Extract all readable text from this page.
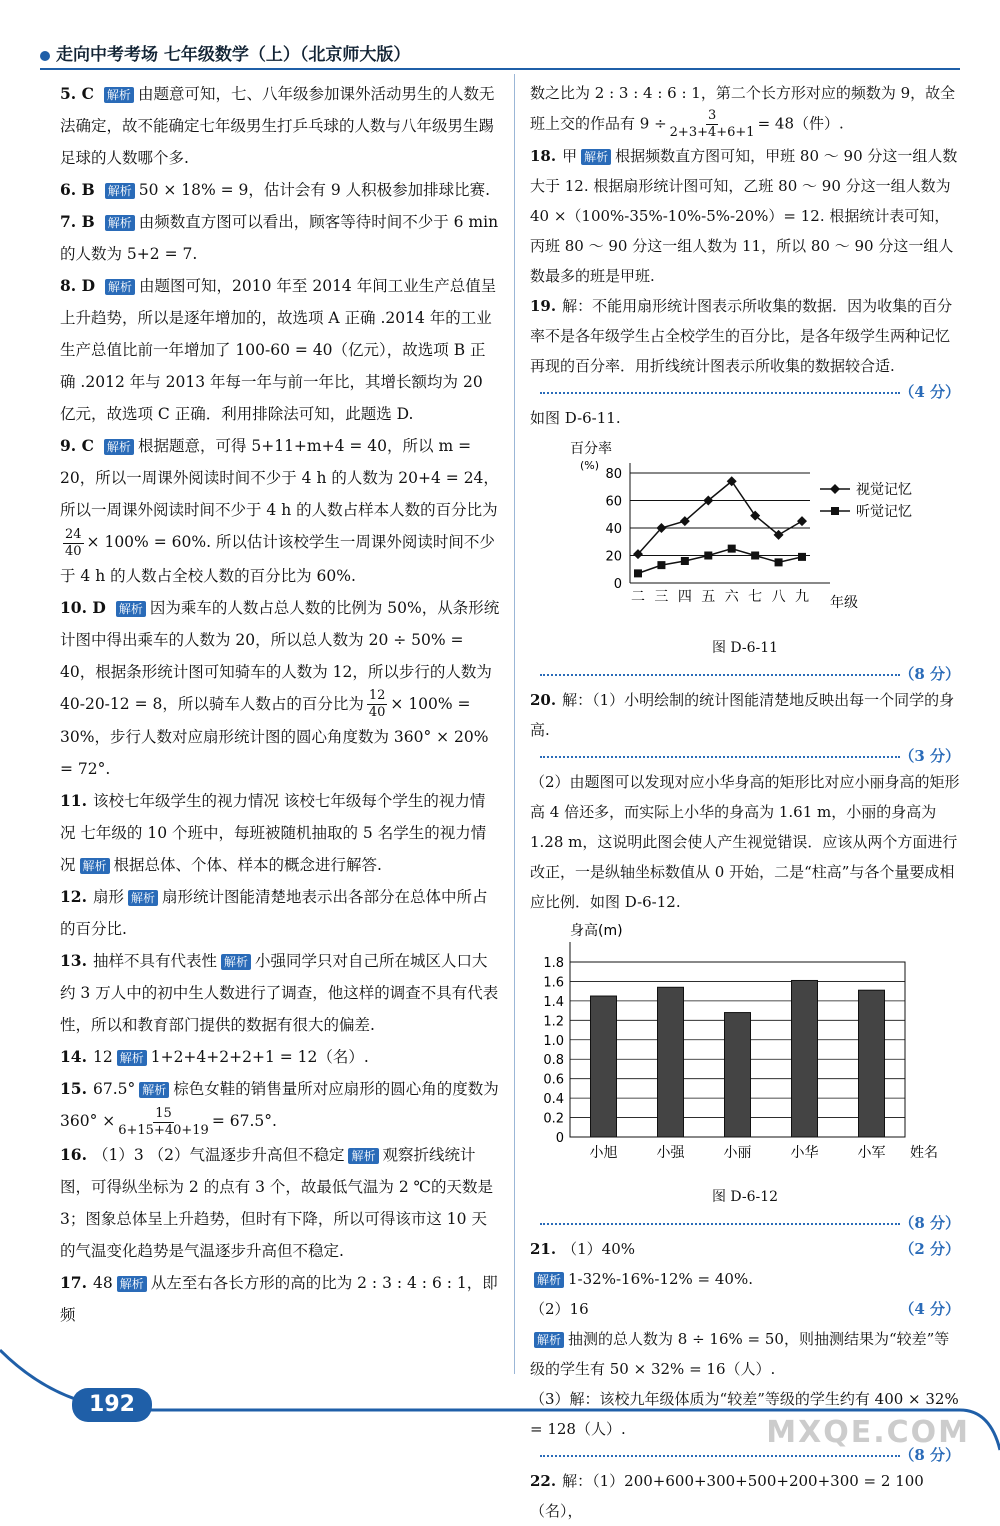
走向中考考场 七年级数学（上）（北京师大版）

5. C 解析 由题意可知，七、八年级参加课外活动男生的人数无法确定，故不能确定七年级男生打乒乓球的人数与八年级男生踢足球的人数哪个多.

6. B 解析 50 × 18% = 9，估计会有 9 人积极参加排球比赛.

7. B 解析 由频数直方图可以看出，顾客等待时间不少于 6 min 的人数为 5+2 = 7.

8. D 解析 由题图可知，2010 年至 2014 年间工业生产总值呈上升趋势，所以是逐年增加的，故选项 A 正确 .2014 年的工业生产总值比前一年增加了 100-60 = 40（亿元），故选项 B 正确 .2012 年与 2013 年每一年与前一年比，其增长额均为 20 亿元，故选项 C 正确．利用排除法可知，此题选 D.

9. C 解析 根据题意，可得 5+11+m+4 = 40，所以 m = 20，所以一周课外阅读时间不少于 4 h 的人数为 20+4 = 24，所以一周课外阅读时间不少于 4 h 的人数占样本人数的百分比为
$\frac{24}{40} \times 100\% = 60\%$. 所以估计该校学生一周课外阅读时间不少于 4 h 的人数占全校人数的百分比为 60%.

10. D 解析 因为乘车的人数占总人数的比例为 50%，从条形统计图中得出乘车的人数为 20，所以总人数为 20 ÷ 50% = 40，根据条形统计图可知骑车的人数为 12，所以步行的人数为 40-20-12 = 8，所以骑车人数占的百分比为 $\frac{12}{40} \times 100\% = 30\%$，步行人数对应扇形统计图的圆心角度数为 360° × 20% = 72°.

11. 该校七年级学生的视力情况 该校七年级每个学生的视力情况 七年级的 10 个班中，每班被随机抽取的 5 名学生的视力情况 解析 根据总体、个体、样本的概念进行解答.

12. 扇形 解析 扇形统计图能清楚地表示出各部分在总体中所占的百分比.

13. 抽样不具有代表性 解析 小强同学只对自己所在城区人口大约 3 万人中的初中生人数进行了调查，他这样的调查不具有代表性，所以和教育部门提供的数据有很大的偏差.

14. 12 解析 1+2+4+2+2+1 = 12（名）.

15. 67.5° 解析 棕色女鞋的销售量所对应扇形的圆心角的度数为 $360^\circ \times \frac{15}{6+15+40+19} = 67.5^\circ$.

16. （1）3 （2）气温逐步升高但不稳定 解析 观察折线统计图，可得纵坐标为 2 的点有 3 个，故最低气温为 2 ℃的天数是 3；图象总体呈上升趋势，但时有下降，所以可得该市这 10 天的气温变化趋势是气温逐步升高但不稳定.

17. 48 解析 从左至右各长方形的高的比为 2 : 3 : 4 : 6 : 1，即频

数之比为 2 : 3 : 4 : 6 : 1，第二个长方形对应的频数为 9，故全班上交的作品有 $9 \div \frac{3}{2+3+4+6+1} = 48$（件）.

18. 甲 解析 根据频数直方图可知，甲班 80 ～ 90 分这一组人数大于 12. 根据扇形统计图可知，乙班 80 ～ 90 分这一组人数为 40 ×（100%-35%-10%-5%-20%）= 12. 根据统计表可知，丙班 80 ～ 90 分这一组人数为 11，所以 80 ～ 90 分这一组人数最多的班是甲班.

19. 解：不能用扇形统计图表示所收集的数据．因为收集的百分率不是各年级学生占全校学生的百分比，是各年级学生两种记忆再现的百分率．用折线统计图表示所收集的数据较合适.

（4 分）

如图 D-6-11.

百分率
(%)
0
20
40
60
80
二 三 四 五 六 七 八 九 年级
视觉记忆
听觉记忆
图 D-6-11
（8 分）

20. 解：（1）小明绘制的统计图能清楚地反映出每一个同学的身高.

（3 分）

（2）由题图可以发现对应小华身高的矩形比对应小丽身高的矩形高 4 倍还多，而实际上小华的身高为 1.61 m，小丽的身高为 1.28 m，这说明此图会使人产生视觉错误．应该从两个方面进行改正，一是纵轴坐标数值从 0 开始，二是“柱高”与各个量要成相应比例．如图 D-6-12.

身高(m)
0
0.2
0.4
0.6
0.8
1.0
1.2
1.4
1.6
1.8
小旭	小强	小丽	小华	小军 姓名
图 D-6-12
（8 分）

21. （1）40%	（2 分）

解析 1-32%-16%-12% = 40%.

（2）16	（4 分）

解析 抽测的总人数为 8 ÷ 16% = 50，则抽测结果为“较差”等级的学生有 50 × 32% = 16（人）.

（3）解：该校九年级体质为“较差”等级的学生约有 400 × 32% = 128（人）.

（8 分）

22. 解：（1）200+600+300+500+200+300 = 2 100（名），

192
MXQE.COM
